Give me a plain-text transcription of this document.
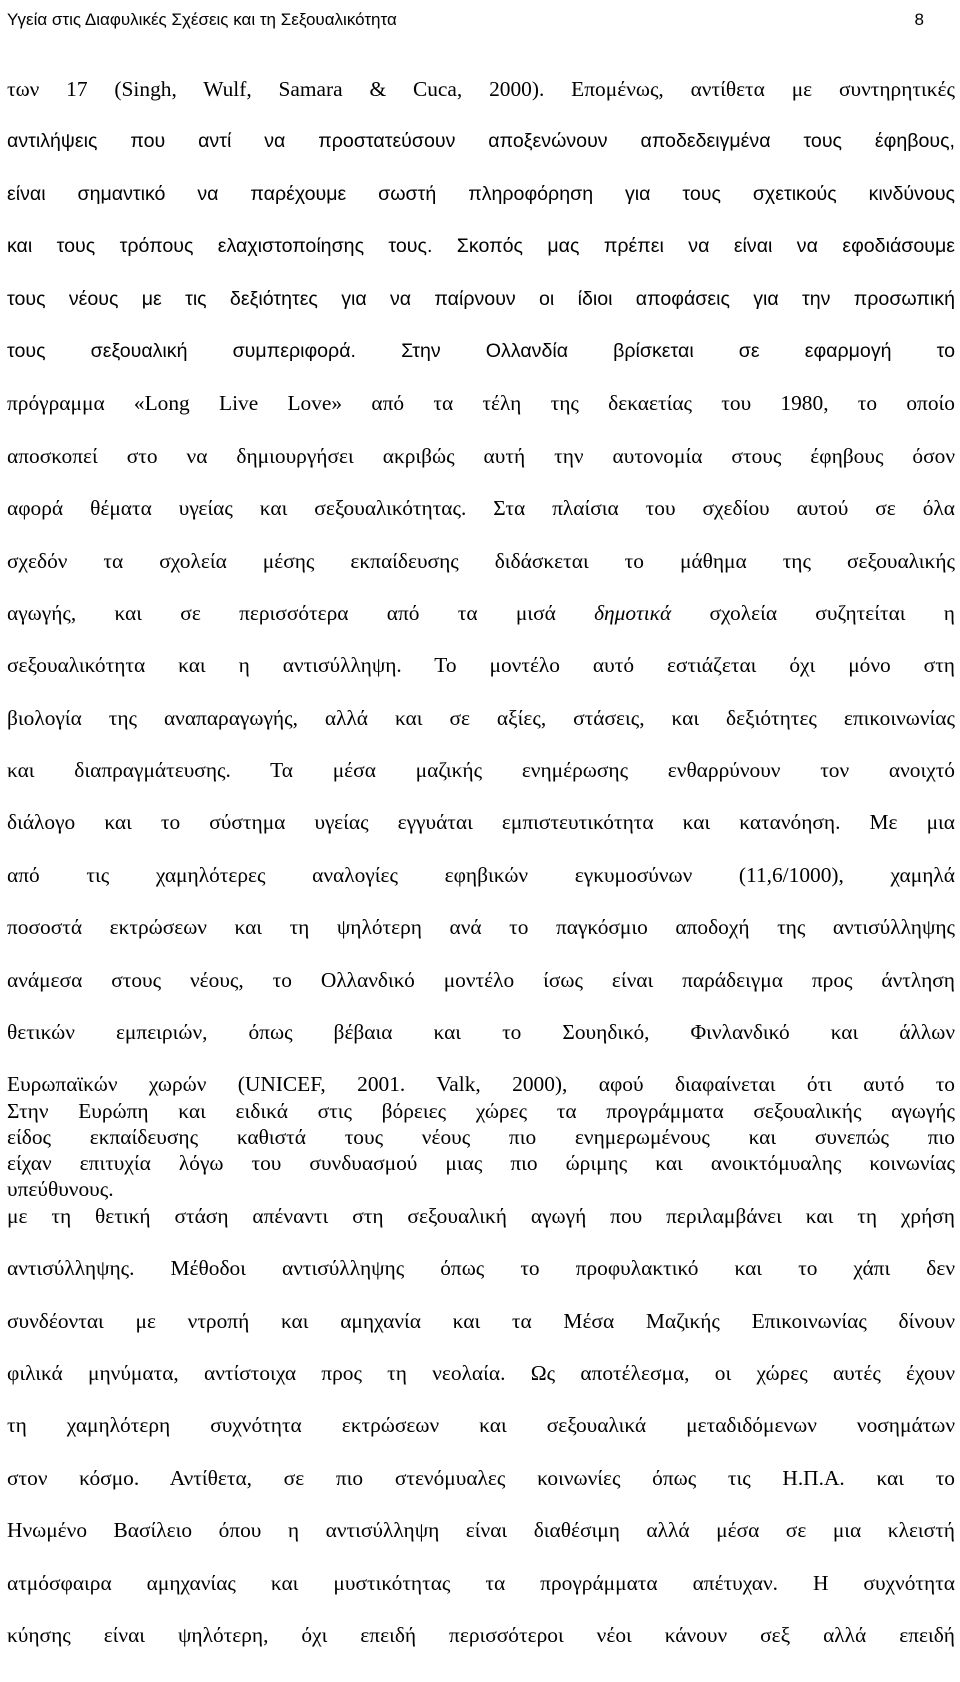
Υγεία στις Διαφυλικές Σχέσεις και τη Σεξουαλικότητα	8
των 17 (Singh, Wulf, Samara & Cuca, 2000). Επομένως, αντίθετα με συντηρητικές
αντιλήψεις που αντί να προστατεύσουν αποξενώνουν αποδεδειγμένα τους έφηβους,
είναι σημαντικό να παρέχουμε σωστή πληροφόρηση για τους σχετικούς κινδύνους
και τους τρόπους ελαχιστοποίησης τους. Σκοπός μας πρέπει να είναι να εφοδιάσουμε
τους νέους με τις δεξιότητες για να παίρνουν οι ίδιοι αποφάσεις για την προσωπική
τους σεξουαλική συμπεριφορά. Στην Ολλανδία βρίσκεται σε εφαρμογή το
πρόγραμμα «Long Live Love» από τα τέλη της δεκαετίας του 1980, το οποίο
αποσκοπεί στο να δημιουργήσει ακριβώς αυτή την αυτονομία στους έφηβους όσον
αφορά θέματα υγείας και σεξουαλικότητας. Στα πλαίσια του σχεδίου αυτού σε όλα
σχεδόν τα σχολεία μέσης εκπαίδευσης διδάσκεται το μάθημα της σεξουαλικής
αγωγής, και σε περισσότερα από τα μισά δημοτικά σχολεία συζητείται η
σεξουαλικότητα και η αντισύλληψη. Το μοντέλο αυτό εστιάζεται όχι μόνο στη
βιολογία της αναπαραγωγής, αλλά και σε αξίες, στάσεις, και δεξιότητες επικοινωνίας
και διαπραγμάτευσης. Τα μέσα μαζικής ενημέρωσης ενθαρρύνουν τον ανοιχτό
διάλογο και το σύστημα υγείας εγγυάται εμπιστευτικότητα και κατανόηση. Με μια
από τις χαμηλότερες αναλογίες εφηβικών εγκυμοσύνων (11,6/1000), χαμηλά
ποσοστά εκτρώσεων και τη ψηλότερη ανά το παγκόσμιο αποδοχή της αντισύλληψης
ανάμεσα στους νέους, το Ολλανδικό μοντέλο ίσως είναι παράδειγμα προς άντληση
θετικών εμπειριών, όπως βέβαια και το Σουηδικό, Φινλανδικό και άλλων
Ευρωπαϊκών χωρών (UNICEF, 2001. Valk, 2000), αφού διαφαίνεται ότι αυτό το
είδος εκπαίδευσης καθιστά τους νέους πιο ενημερωμένους και συνεπώς πιο
υπεύθυνους.
Στην Ευρώπη και ειδικά στις βόρειες χώρες τα προγράμματα σεξουαλικής αγωγής
είχαν επιτυχία λόγω του συνδυασμού μιας πιο ώριμης και ανοικτόμυαλης κοινωνίας
με τη θετική στάση απέναντι στη σεξουαλική αγωγή που περιλαμβάνει και τη χρήση
αντισύλληψης. Μέθοδοι αντισύλληψης όπως το προφυλακτικό και το χάπι δεν
συνδέονται με ντροπή και αμηχανία και τα Μέσα Μαζικής Επικοινωνίας δίνουν
φιλικά μηνύματα, αντίστοιχα προς τη νεολαία. Ως αποτέλεσμα, οι χώρες αυτές έχουν
τη χαμηλότερη συχνότητα εκτρώσεων και σεξουαλικά μεταδιδόμενων νοσημάτων
στον κόσμο. Αντίθετα, σε πιο στενόμυαλες κοινωνίες όπως τις Η.Π.Α. και το
Ηνωμένο Βασίλειο όπου η αντισύλληψη είναι διαθέσιμη αλλά μέσα σε μια κλειστή
ατμόσφαιρα αμηχανίας και μυστικότητας τα προγράμματα απέτυχαν. Η συχνότητα
κύησης είναι ψηλότερη, όχι επειδή περισσότεροι νέοι κάνουν σεξ αλλά επειδή
